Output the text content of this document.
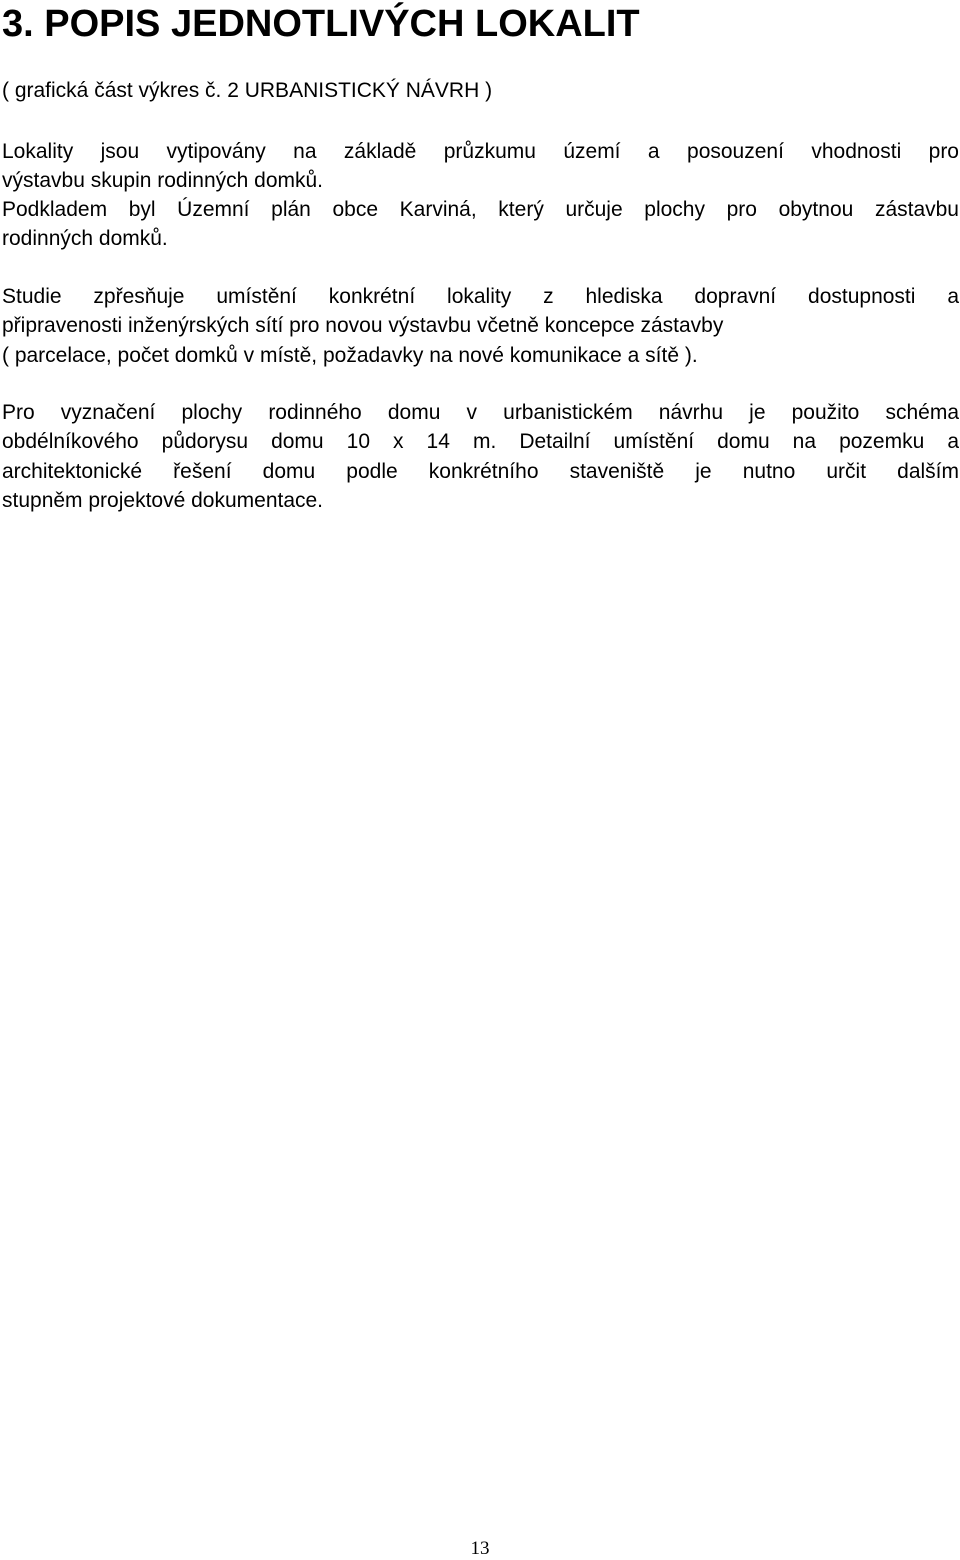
3. POPIS JEDNOTLIVÝCH LOKALIT

( grafická část výkres č. 2 URBANISTICKÝ NÁVRH )

Lokality jsou vytipovány na základě průzkumu území a posouzení vhodnosti pro
výstavbu skupin rodinných domků.

Podkladem byl Územní plán obce Karviná, který určuje plochy pro obytnou zástavbu
rodinných domků.

Studie zpřesňuje umístění konkrétní lokality z hlediska dopravní dostupnosti a
připravenosti inženýrských sítí pro novou výstavbu včetně koncepce zástavby
( parcelace, počet domků v místě, požadavky na nové komunikace a sítě ).

Pro vyznačení plochy rodinného domu v urbanistickém návrhu je použito schéma
obdélníkového půdorysu domu 10 x 14 m. Detailní umístění domu na pozemku a
architektonické řešení domu podle konkrétního staveniště je nutno určit dalším
stupněm projektové dokumentace.

13
